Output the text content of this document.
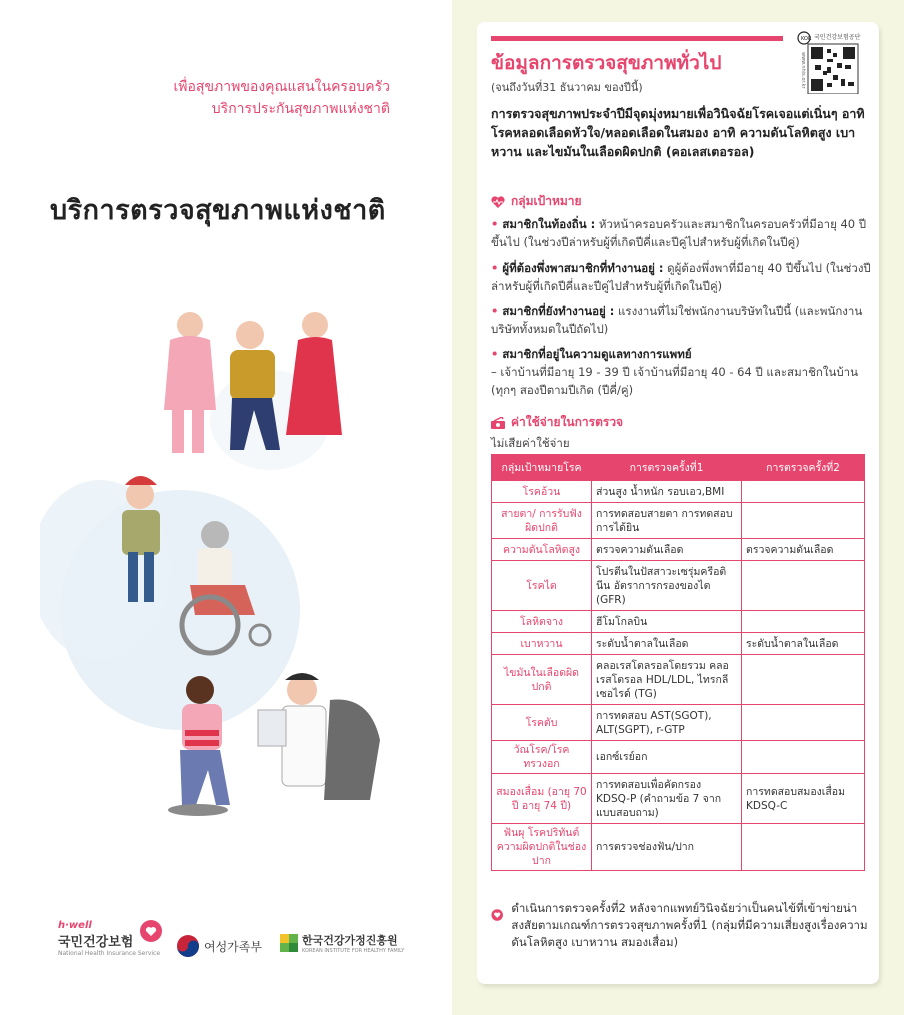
เพื่อสุขภาพของคุณแสนในครอบครัว
บริการประกันสุขภาพแห่งชาติ
บริการตรวจสุขภาพแห่งชาติ
h·well
국민건강보험
National Health Insurance Service	여성가족부	한국건강가정진흥원
KOREAN INSTITUTE FOR HEALTHY FAMILY
KOR 국민건강보험공단
www.nhis.or.kr
ข้อมูลการตรวจสุขภาพทั่วไป
(จนถึงวันที่31 ธันวาคม ของปีนี้)
การตรวจสุขภาพประจำปีมีจุดมุ่งหมายเพื่อวินิจฉัยโรคเจอแต่เนิ่นๆ อาทิ โรคหลอดเลือดหัวใจ/หลอดเลือดในสมอง อาทิ ความดันโลหิตสูง เบาหวาน และไขมันในเลือดผิดปกติ (คอเลสเตอรอล)
กลุ่มเป้าหมาย
• สมาชิกในท้องถิ่น : หัวหน้าครอบครัวและสมาชิกในครอบครัวที่มีอายุ 40 ปีขึ้นไป (ในช่วงปีล่าหรับผู้ที่เกิดปีคี่และปีคู่ไปสำหรับผู้ที่เกิดในปีคู่)
• ผู้ที่ต้องพึ่งพาสมาชิกที่ทำงานอยู่ : ดูผู้ต้องพึ่งพาที่มีอายุ 40 ปีขึ้นไป (ในช่วงปีล่าหรับผู้ที่เกิดปีคี่และปีคู่ไปสำหรับผู้ที่เกิดในปีคู่)
• สมาชิกที่ยังทำงานอยู่ : แรงงานที่ไม่ใช่พนักงานบริษัทในปีนี้ (และพนักงานบริษัททั้งหมดในปีถัดไป)
• สมาชิกที่อยู่ในความดูแลทางการแพทย์
– เจ้าบ้านที่มีอายุ 19 - 39 ปี เจ้าบ้านที่มีอายุ 40 - 64 ปี และสมาชิกในบ้าน (ทุกๆ สองปีตามปีเกิด (ปีคี่/คู่)
ค่าใช้จ่ายในการตรวจ
ไม่เสียค่าใช้จ่าย
กลุ่มเป้าหมายโรค	การตรวจครั้งที่1	การตรวจครั้งที่2
โรคอ้วน	ส่วนสูง น้ำหนัก รอบเอว,BMI	
สายตา/ การรับฟังผิดปกติ	การทดสอบสายตา การทดสอบการได้ยิน	
ความดันโลหิตสูง	ตรวจความดันเลือด	ตรวจความดันเลือด
โรคไต	โปรตีนในปัสสาวะเซรุ่มครีอตินีน อัตราการกรองของไต (GFR)	
โลหิตจาง	ฮีโมโกลบิน	
เบาหวาน	ระดับน้ำตาลในเลือด	ระดับน้ำตาลในเลือด
ไขมันในเลือดผิดปกติ	คลอเรสโตลรอลโดยรวม คลอเรสโตรอล HDL/LDL, ไทรกลีเซอไรด์ (TG)	
โรคตับ	การทดสอบ AST(SGOT), ALT(SGPT), r-GTP	
วัณโรค/โรคทรวงอก	เอกซ์เรย์อก	
สมองเสื่อม (อายุ 70 ปี อายุ 74 ปี)	การทดสอบเพื่อคัดกรอง KDSQ-P (คำถามข้อ 7 จากแบบสอบถาม)	การทดสอบสมองเสื่อม KDSQ-C
ฟันผุ โรคปริทันต์ ความผิดปกติในช่องปาก	การตรวจช่องฟัน/ปาก	
ดำเนินการตรวจครั้งที่2 หลังจากแพทย์วินิจฉัยว่าเป็นคนไข้ที่เข้าข่ายน่าสงสัยตามเกณฑ์การตรวจสุขภาพครั้งที่1 (กลุ่มที่มีความเสี่ยงสูงเรื่องความดันโลหิตสูง เบาหวาน สมองเสื่อม)
